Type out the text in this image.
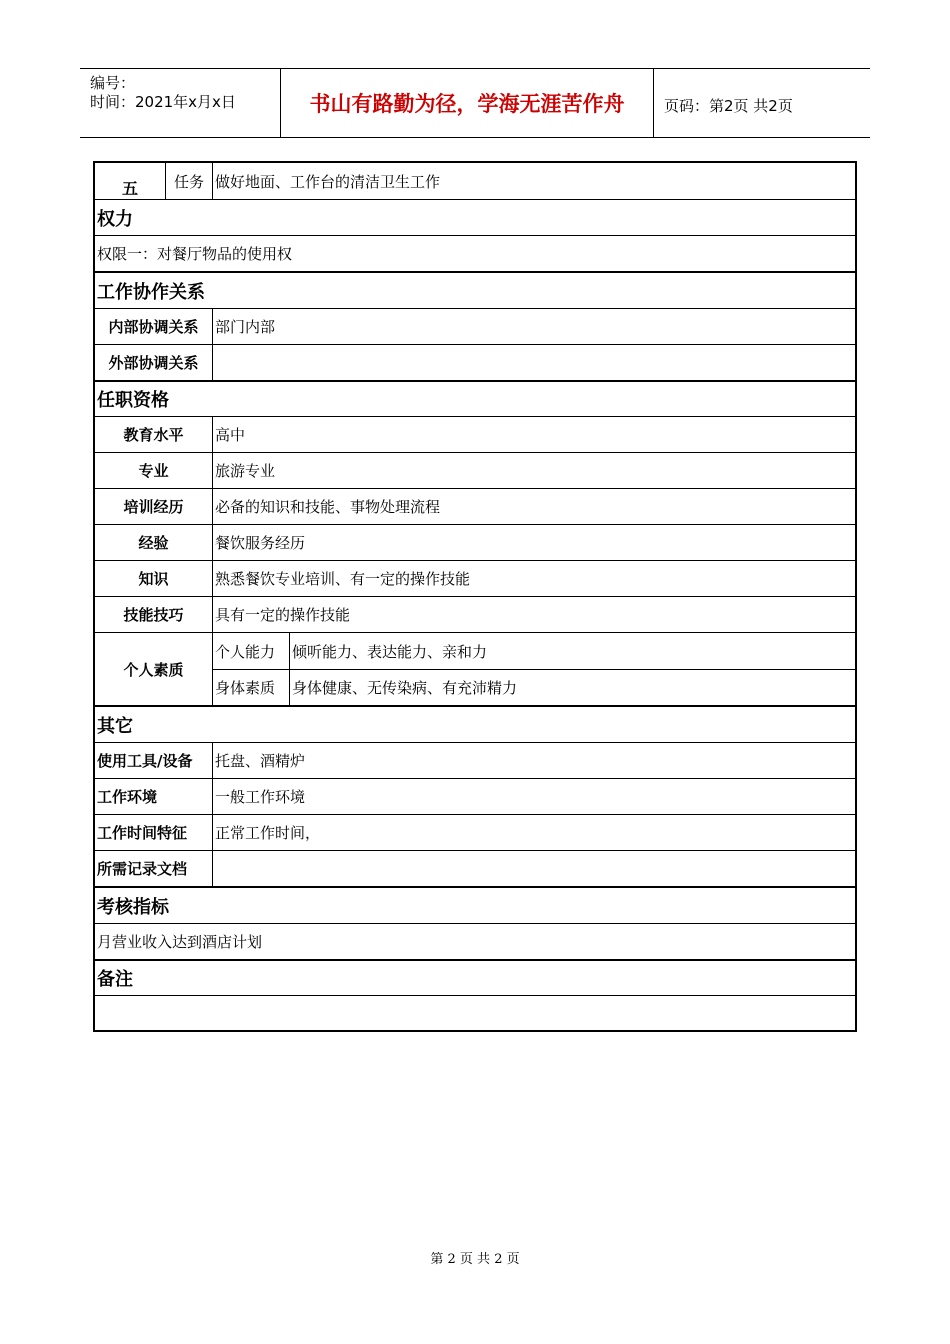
编号：
时间：2021年x月x日	书山有路勤为径，学海无涯苦作舟	页码：第2页 共2页
五	任务 做好地面、工作台的清洁卫生工作
权力
权限一：对餐厅物品的使用权
工作协作关系
内部协调关系	部门内部
外部协调关系
任职资格
教育水平	高中
专业	旅游专业
培训经历	必备的知识和技能、事物处理流程
经验	餐饮服务经历
知识	熟悉餐饮专业培训、有一定的操作技能
技能技巧	具有一定的操作技能
个人素质
个人能力	倾听能力、表达能力、亲和力
身体素质	身体健康、无传染病、有充沛精力
其它
使用工具/设备	托盘、酒精炉
工作环境	一般工作环境
工作时间特征	正常工作时间，
所需记录文档
考核指标
月营业收入达到酒店计划
备注
第 2 页 共 2 页
